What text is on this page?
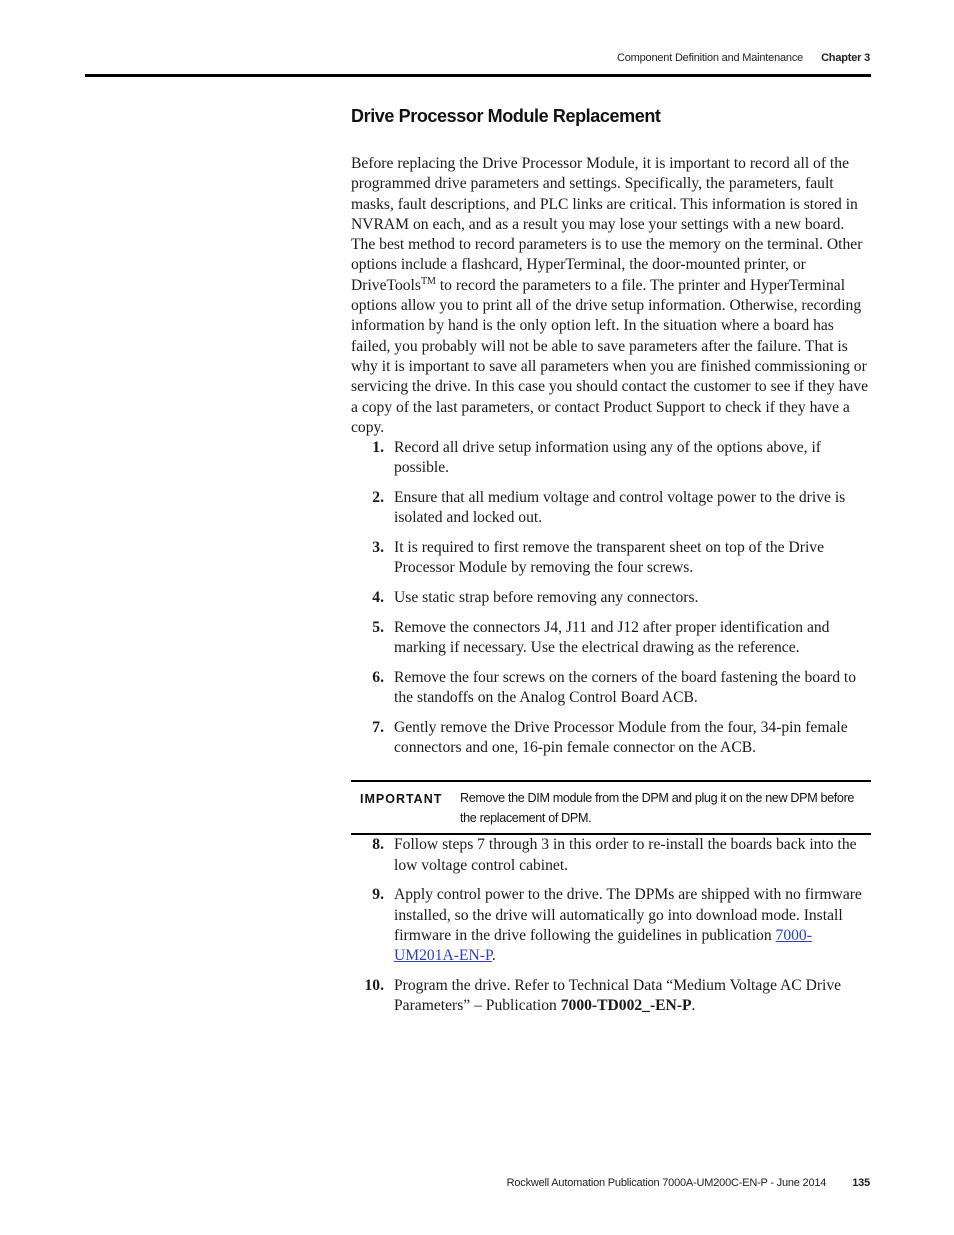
Component Definition and Maintenance Chapter 3
Drive Processor Module Replacement

Before replacing the Drive Processor Module, it is important to record all of the programmed drive parameters and settings. Specifically, the parameters, fault masks, fault descriptions, and PLC links are critical. This information is stored in NVRAM on each, and as a result you may lose your settings with a new board. The best method to record parameters is to use the memory on the terminal. Other options include a flashcard, HyperTerminal, the door-mounted printer, or DriveTools™ to record the parameters to a file. The printer and HyperTerminal options allow you to print all of the drive setup information. Otherwise, recording information by hand is the only option left. In the situation where a board has failed, you probably will not be able to save parameters after the failure. That is why it is important to save all parameters when you are finished commissioning or servicing the drive. In this case you should contact the customer to see if they have a copy of the last parameters, or contact Product Support to check if they have a copy.

1. Record all drive setup information using any of the options above, if possible.
2. Ensure that all medium voltage and control voltage power to the drive is isolated and locked out.
3. It is required to first remove the transparent sheet on top of the Drive Processor Module by removing the four screws.
4. Use static strap before removing any connectors.
5. Remove the connectors J4, J11 and J12 after proper identification and marking if necessary. Use the electrical drawing as the reference.
6. Remove the four screws on the corners of the board fastening the board to the standoffs on the Analog Control Board ACB.
7. Gently remove the Drive Processor Module from the four, 34-pin female connectors and one, 16-pin female connector on the ACB.
IMPORTANT Remove the DIM module from the DPM and plug it on the new DPM before the replacement of DPM.
8. Follow steps 7 through 3 in this order to re-install the boards back into the low voltage control cabinet.
9. Apply control power to the drive. The DPMs are shipped with no firmware installed, so the drive will automatically go into download mode. Install firmware in the drive following the guidelines in publication 7000-UM201A-EN-P.
10. Program the drive. Refer to Technical Data “Medium Voltage AC Drive Parameters” – Publication 7000-TD002_-EN-P.
Rockwell Automation Publication 7000A-UM200C-EN-P - June 2014 135
